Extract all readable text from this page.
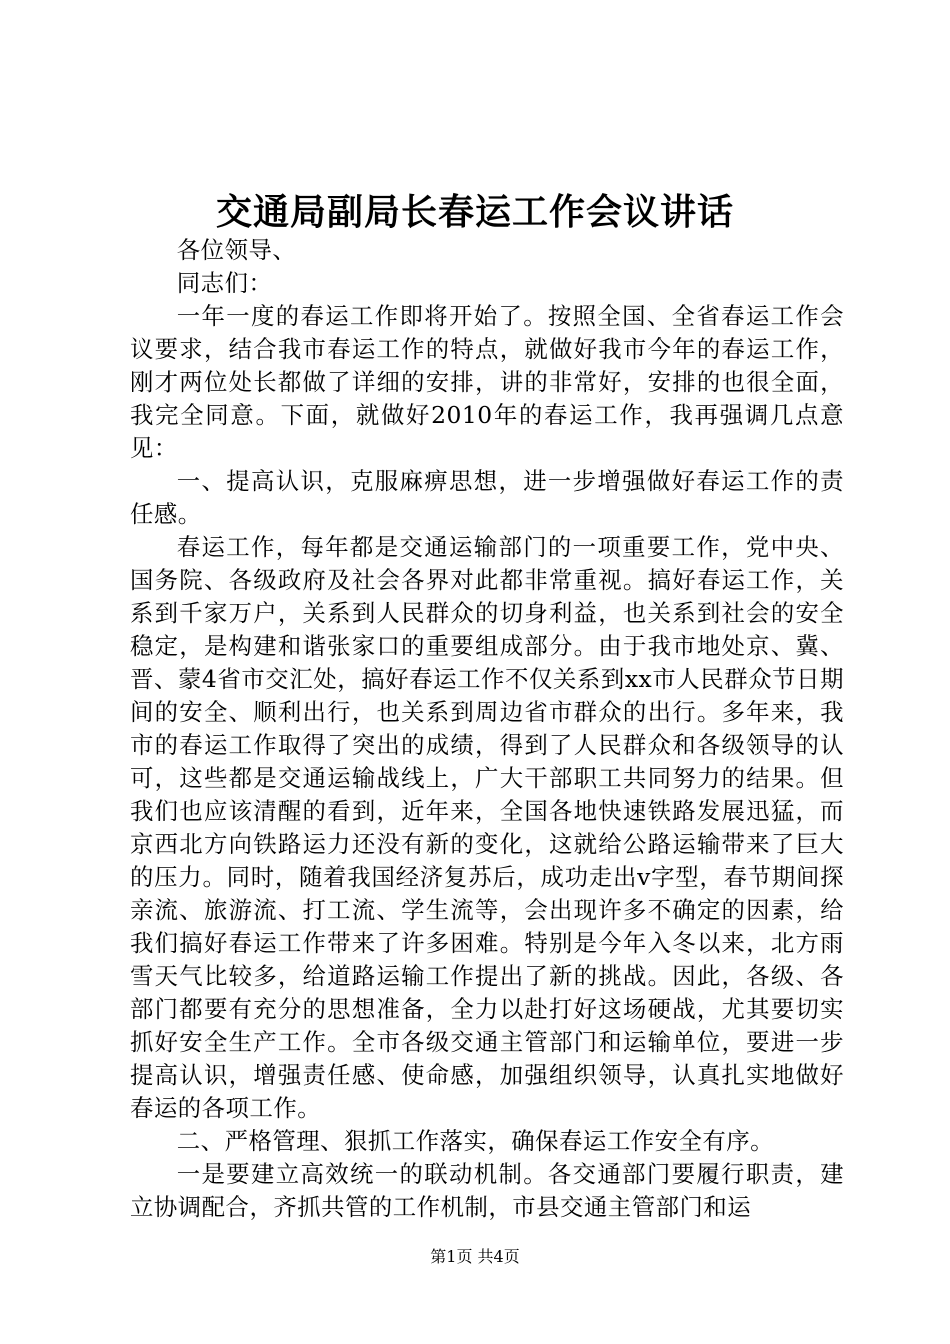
交通局副局长春运工作会议讲话

各位领导、

同志们：

一年一度的春运工作即将开始了。按照全国、全省春运工作会议要求，结合我市春运工作的特点，就做好我市今年的春运工作，刚才两位处长都做了详细的安排，讲的非常好，安排的也很全面，我完全同意。下面，就做好2010年的春运工作，我再强调几点意见：

一、提高认识，克服麻痹思想，进一步增强做好春运工作的责任感。

春运工作，每年都是交通运输部门的一项重要工作，党中央、国务院、各级政府及社会各界对此都非常重视。搞好春运工作，关系到千家万户，关系到人民群众的切身利益，也关系到社会的安全稳定，是构建和谐张家口的重要组成部分。由于我市地处京、冀、晋、蒙4省市交汇处，搞好春运工作不仅关系到xx市人民群众节日期间的安全、顺利出行，也关系到周边省市群众的出行。多年来，我市的春运工作取得了突出的成绩，得到了人民群众和各级领导的认可，这些都是交通运输战线上，广大干部职工共同努力的结果。但我们也应该清醒的看到，近年来，全国各地快速铁路发展迅猛，而京西北方向铁路运力还没有新的变化，这就给公路运输带来了巨大的压力。同时，随着我国经济复苏后，成功走出v字型，春节期间探亲流、旅游流、打工流、学生流等，会出现许多不确定的因素，给我们搞好春运工作带来了许多困难。特别是今年入冬以来，北方雨雪天气比较多，给道路运输工作提出了新的挑战。因此，各级、各部门都要有充分的思想准备，全力以赴打好这场硬战，尤其要切实抓好安全生产工作。全市各级交通主管部门和运输单位，要进一步提高认识，增强责任感、使命感，加强组织领导，认真扎实地做好春运的各项工作。

二、严格管理、狠抓工作落实，确保春运工作安全有序。

一是要建立高效统一的联动机制。各交通部门要履行职责，建立协调配合，齐抓共管的工作机制，市县交通主管部门和运

第1页 共4页
